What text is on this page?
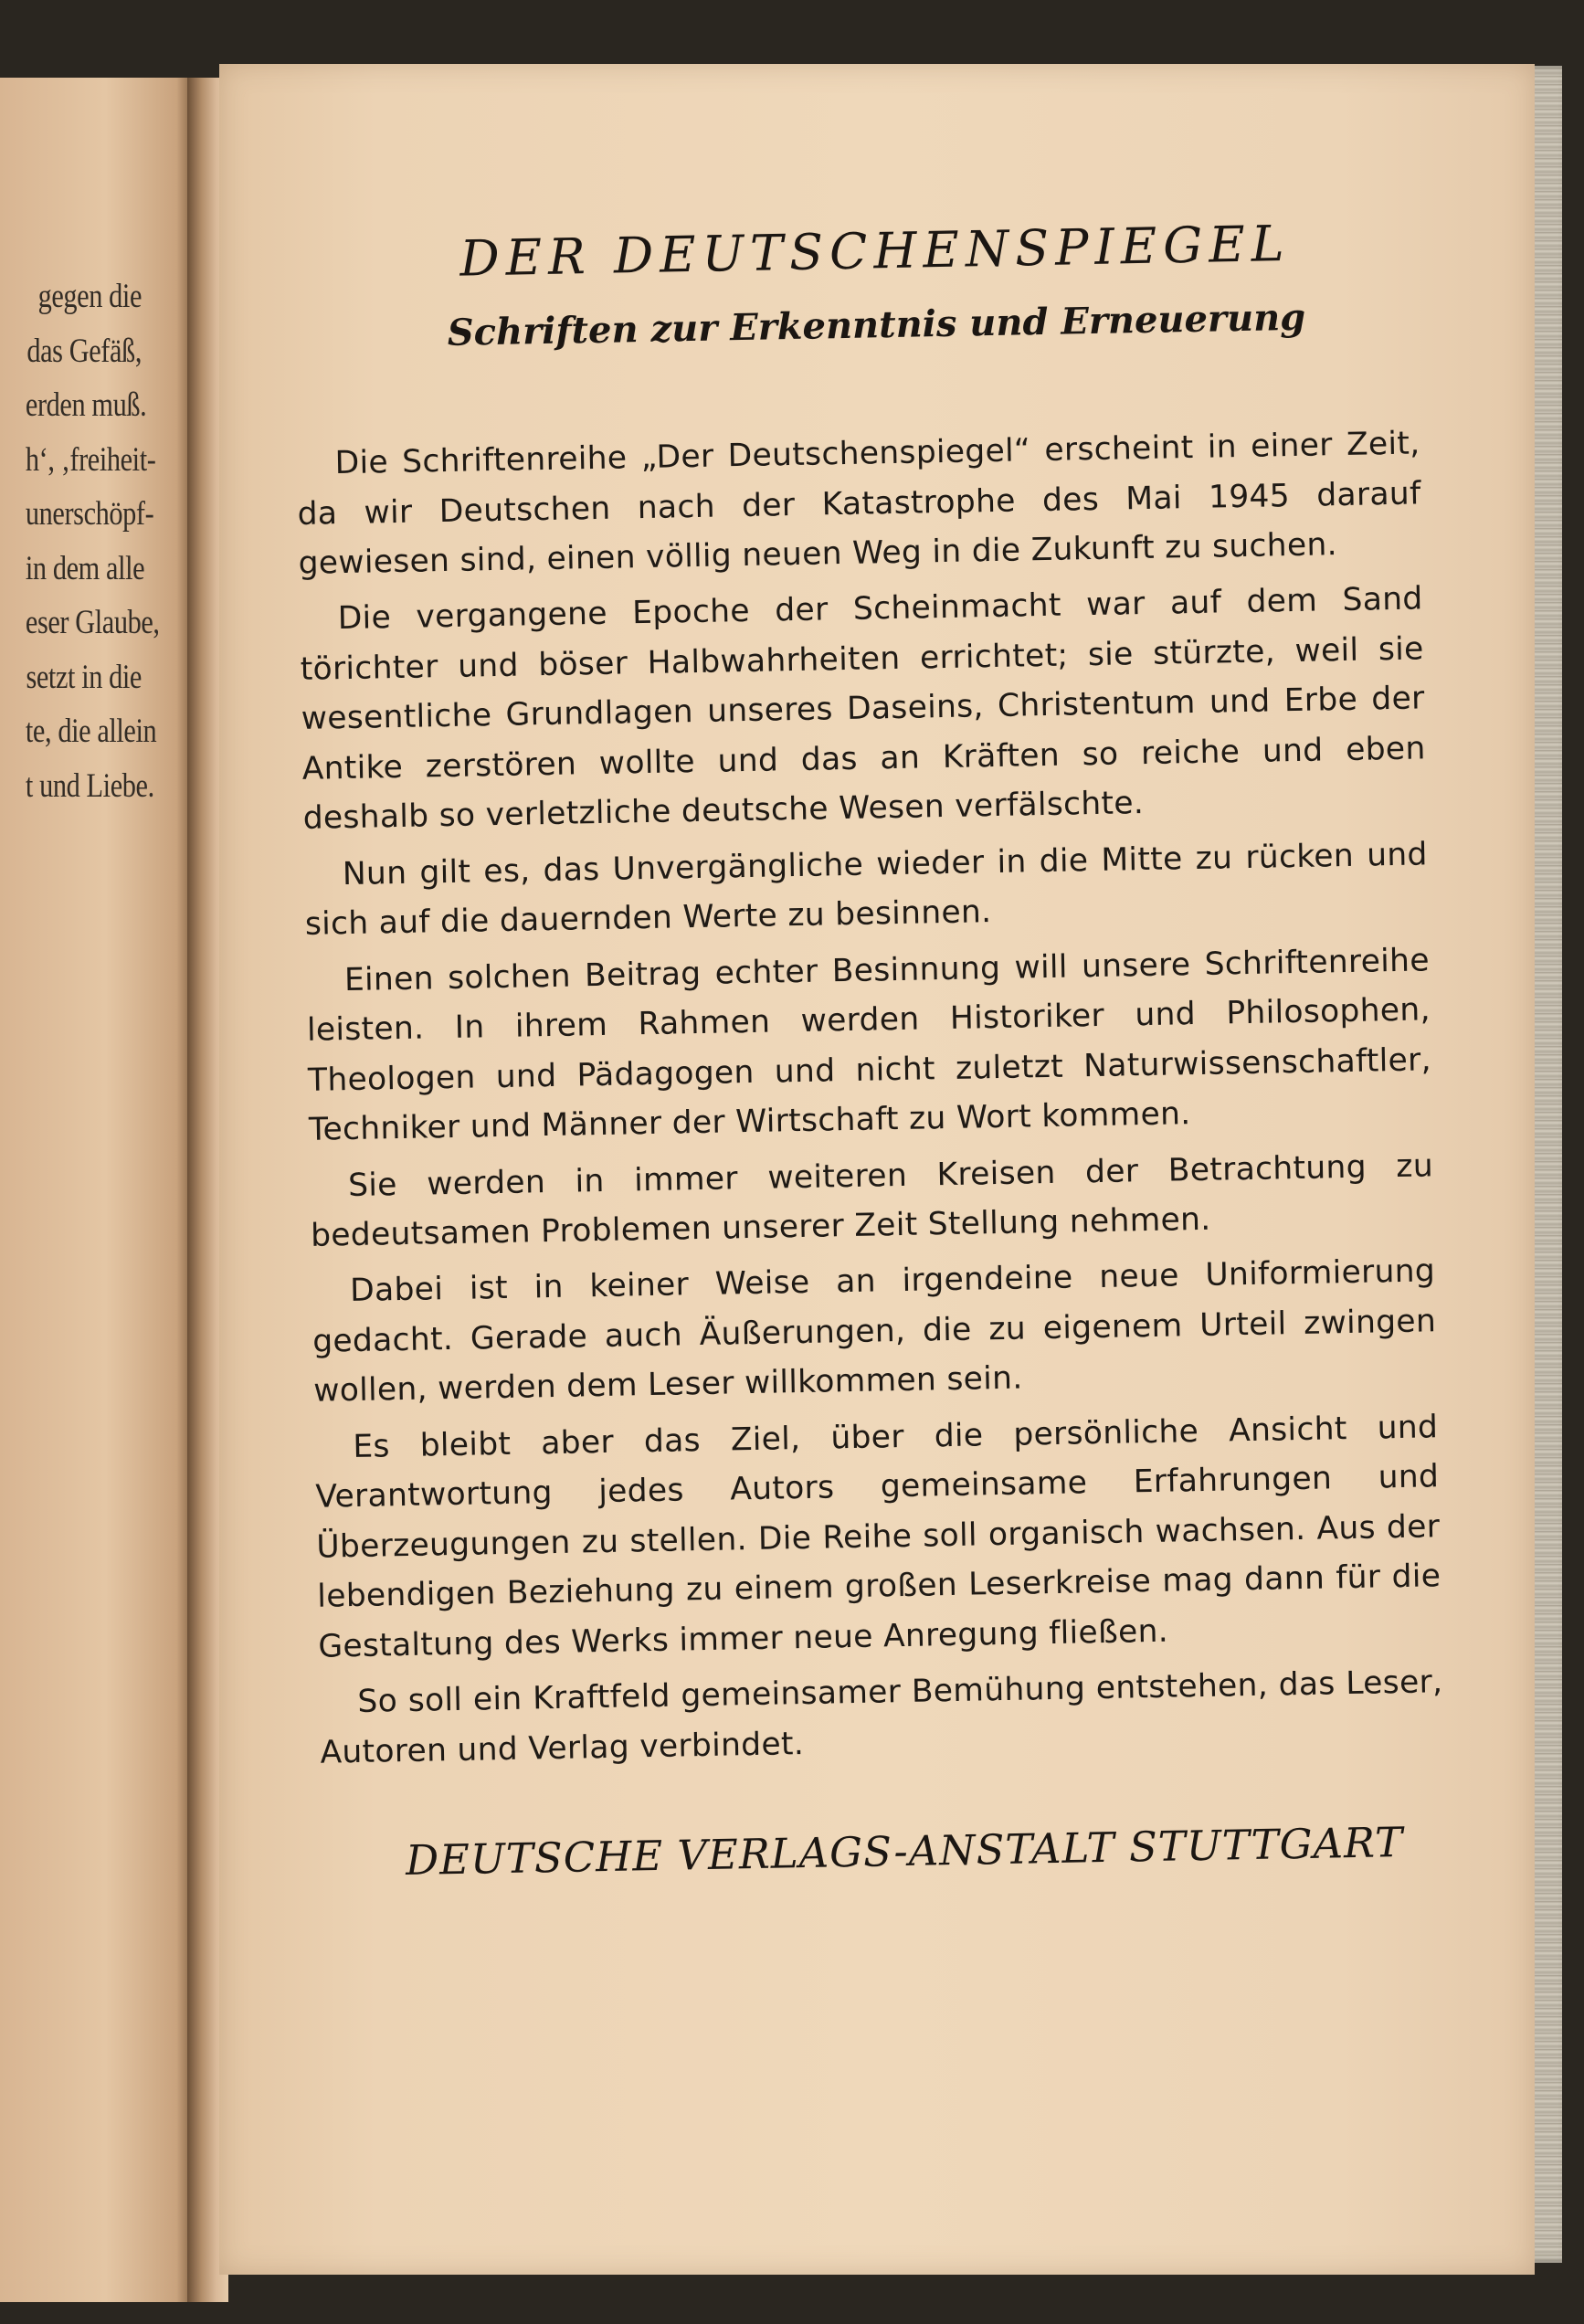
gegen die
das Gefäß,
erden muß.
h‘, ‚freiheit-
unerschöpf-
in dem alle
eser Glaube,
setzt in die
te, die allein
t und Liebe.
DER DEUTSCHENSPIEGEL
Schriften zur Erkenntnis und Erneuerung

Die Schriftenreihe „Der Deutschenspiegel“ erscheint in einer Zeit, da wir Deutschen nach der Katastrophe des Mai 1945 darauf gewiesen sind, einen völlig neuen Weg in die Zukunft zu suchen.

Die vergangene Epoche der Scheinmacht war auf dem Sand törichter und böser Halbwahrheiten errichtet; sie stürzte, weil sie wesentliche Grundlagen unseres Daseins, Christentum und Erbe der Antike zerstören wollte und das an Kräften so reiche und eben deshalb so verletzliche deutsche Wesen verfälschte.

Nun gilt es, das Unvergängliche wieder in die Mitte zu rücken und sich auf die dauernden Werte zu besinnen.

Einen solchen Beitrag echter Besinnung will unsere Schriftenreihe leisten. In ihrem Rahmen werden Historiker und Philosophen, Theologen und Pädagogen und nicht zuletzt Naturwissenschaftler, Techniker und Männer der Wirtschaft zu Wort kommen.

Sie werden in immer weiteren Kreisen der Betrachtung zu bedeutsamen Problemen unserer Zeit Stellung nehmen.

Dabei ist in keiner Weise an irgendeine neue Uniformierung gedacht. Gerade auch Äußerungen, die zu eigenem Urteil zwingen wollen, werden dem Leser willkommen sein.

Es bleibt aber das Ziel, über die persönliche Ansicht und Verantwortung jedes Autors gemeinsame Erfahrungen und Überzeugungen zu stellen. Die Reihe soll organisch wachsen. Aus der lebendigen Beziehung zu einem großen Leserkreise mag dann für die Gestaltung des Werks immer neue Anregung fließen.

So soll ein Kraftfeld gemeinsamer Bemühung entstehen, das Leser, Autoren und Verlag verbindet.

DEUTSCHE VERLAGS-ANSTALT STUTTGART
